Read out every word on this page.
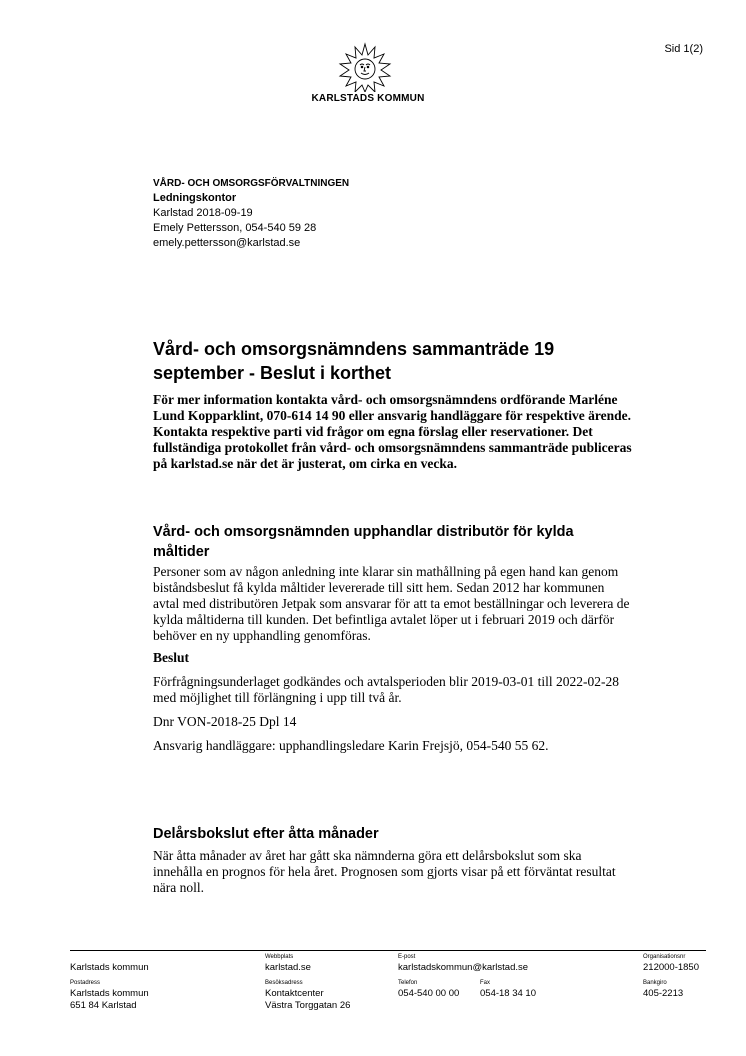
Sid 1(2)
KARLSTADS KOMMUN
VÅRD- OCH OMSORGSFÖRVALTNINGEN
Ledningskontor
Karlstad 2018-09-19
Emely Pettersson, 054-540 59 28
emely.pettersson@karlstad.se
Vård- och omsorgsnämndens sammanträde 19 september - Beslut i korthet

För mer information kontakta vård- och omsorgsnämndens ordförande Marléne Lund Kopparklint, 070-614 14 90 eller ansvarig handläggare för respektive ärende. Kontakta respektive parti vid frågor om egna förslag eller reservationer. Det fullständiga protokollet från vård- och omsorgsnämndens sammanträde publiceras på karlstad.se när det är justerat, om cirka en vecka.

Vård- och omsorgsnämnden upphandlar distributör för kylda måltider

Personer som av någon anledning inte klarar sin mathållning på egen hand kan genom biståndsbeslut få kylda måltider levererade till sitt hem. Sedan 2012 har kommunen avtal med distributören Jetpak som ansvarar för att ta emot beställningar och leverera de kylda måltiderna till kunden. Det befintliga avtalet löper ut i februari 2019 och därför behöver en ny upphandling genomföras.

Beslut

Förfrågningsunderlaget godkändes och avtalsperioden blir 2019-03-01 till 2022-02-28 med möjlighet till förlängning i upp till två år.

Dnr VON-2018-25 Dpl 14

Ansvarig handläggare: upphandlingsledare Karin Frejsjö, 054-540 55 62.

Delårsbokslut efter åtta månader

När åtta månader av året har gått ska nämnderna göra ett delårsbokslut som ska innehålla en prognos för hela året. Prognosen som gjorts visar på ett förväntat resultat nära noll.

Karlstads kommun
Webbplats
karlstad.se
E-post
karlstadskommun@karlstad.se
Organisationsnr
212000-1850
Postadress
Karlstads kommun
651 84 Karlstad
Besöksadress
Kontaktcenter
Västra Torggatan 26
Telefon
054-540 00 00
Fax
054-18 34 10
Bankgiro
405-2213
